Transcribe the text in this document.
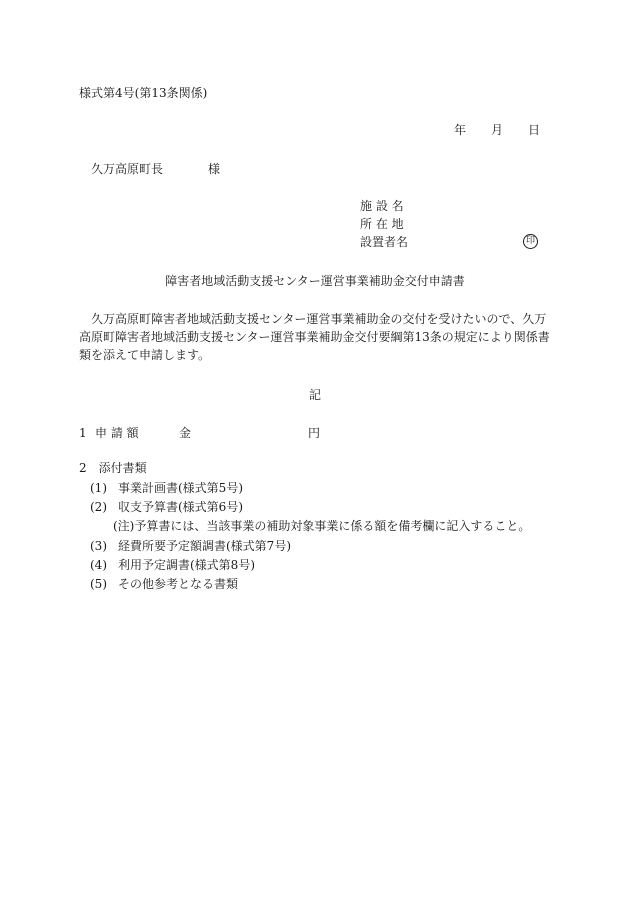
様式第4号(第13条関係)
年 月 日
久万高原町長	様
施 設 名
所 在 地
設置者名	印
障害者地域活動支援センター運営事業補助金交付申請書
久万高原町障害者地域活動支援センター運営事業補助金の交付を受けたいので、久万高原町障害者地域活動支援センター運営事業補助金交付要綱第13条の規定により関係書類を添えて申請します。
記
1 申 請 額	金	円
2　添付書類
(1) 事業計画書(様式第5号)
(2) 収支予算書(様式第6号)
(注)予算書には、当該事業の補助対象事業に係る額を備考欄に記入すること。
(3) 経費所要予定額調書(様式第7号)
(4) 利用予定調書(様式第8号)
(5) その他参考となる書類
